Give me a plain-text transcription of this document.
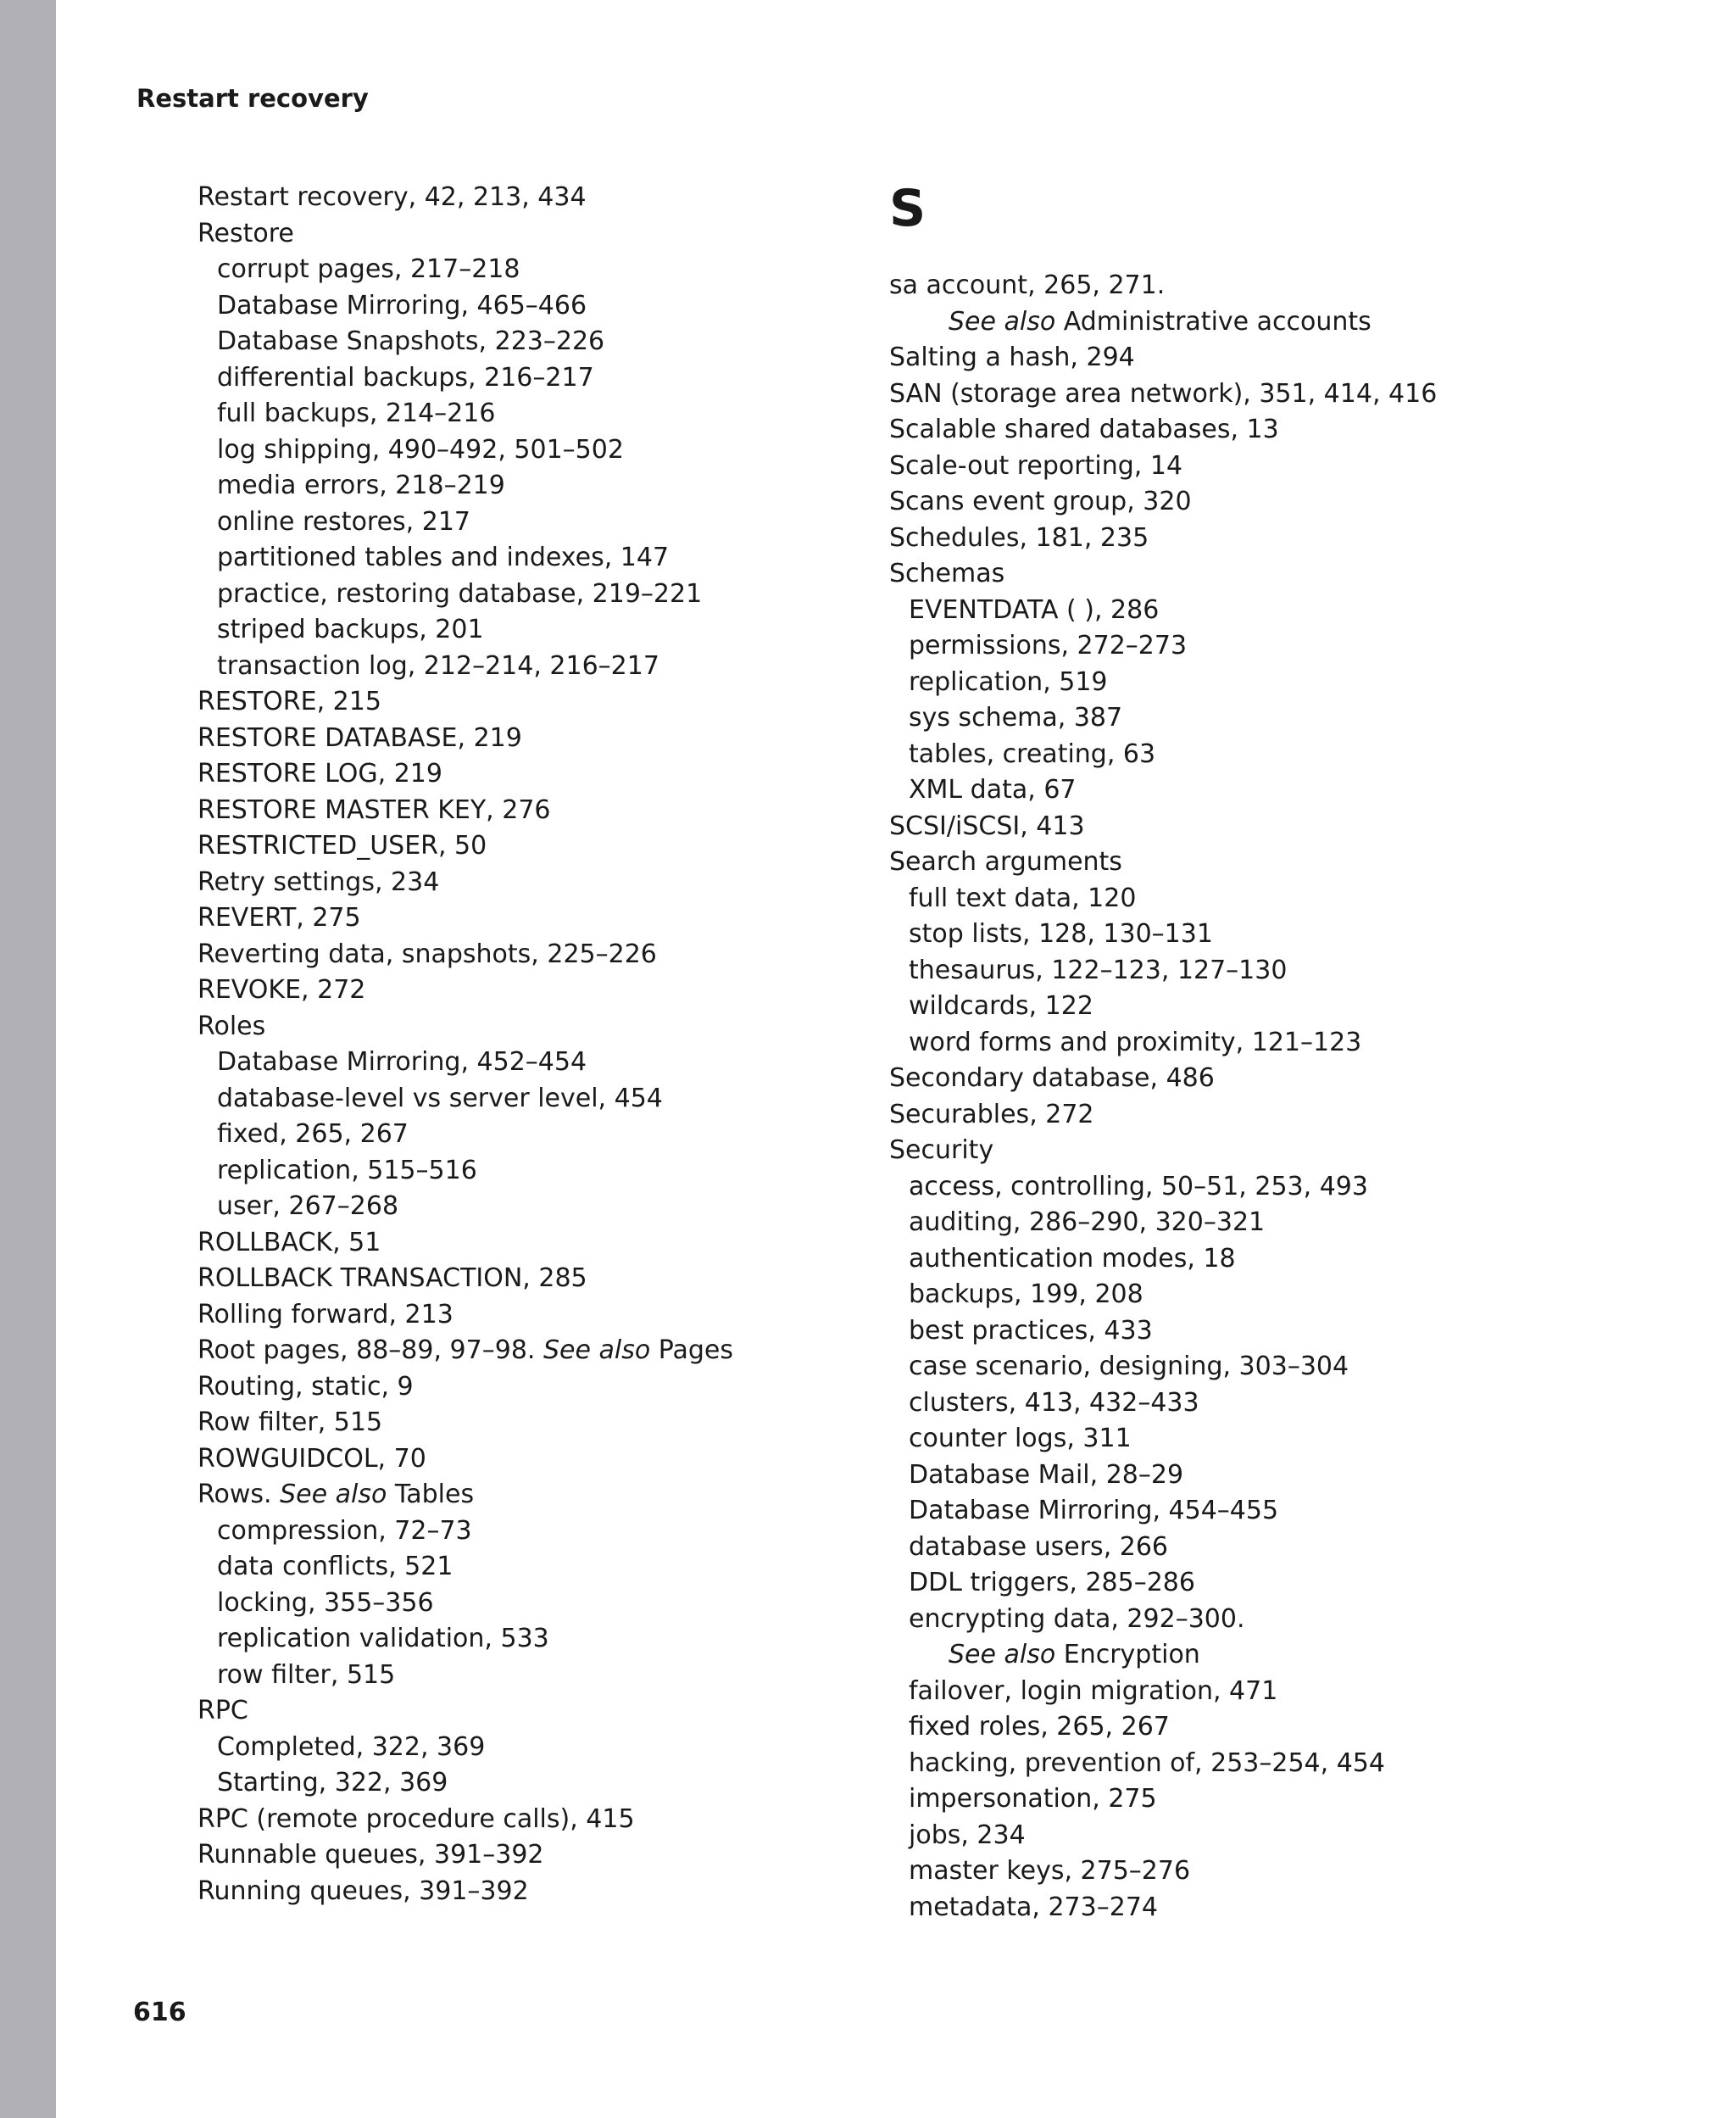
Restart recovery
Restart recovery, 42, 213, 434
Restore
corrupt pages, 217–218
Database Mirroring, 465–466
Database Snapshots, 223–226
differential backups, 216–217
full backups, 214–216
log shipping, 490–492, 501–502
media errors, 218–219
online restores, 217
partitioned tables and indexes, 147
practice, restoring database, 219–221
striped backups, 201
transaction log, 212–214, 216–217
RESTORE, 215
RESTORE DATABASE, 219
RESTORE LOG, 219
RESTORE MASTER KEY, 276
RESTRICTED_USER, 50
Retry settings, 234
REVERT, 275
Reverting data, snapshots, 225–226
REVOKE, 272
Roles
Database Mirroring, 452–454
database-level vs server level, 454
fixed, 265, 267
replication, 515–516
user, 267–268
ROLLBACK, 51
ROLLBACK TRANSACTION, 285
Rolling forward, 213
Root pages, 88–89, 97–98. See also Pages
Routing, static, 9
Row filter, 515
ROWGUIDCOL, 70
Rows. See also Tables
compression, 72–73
data conflicts, 521
locking, 355–356
replication validation, 533
row filter, 515
RPC
Completed, 322, 369
Starting, 322, 369
RPC (remote procedure calls), 415
Runnable queues, 391–392
Running queues, 391–392
S
sa account, 265, 271.
See also Administrative accounts
Salting a hash, 294
SAN (storage area network), 351, 414, 416
Scalable shared databases, 13
Scale-out reporting, 14
Scans event group, 320
Schedules, 181, 235
Schemas
EVENTDATA ( ), 286
permissions, 272–273
replication, 519
sys schema, 387
tables, creating, 63
XML data, 67
SCSI/iSCSI, 413
Search arguments
full text data, 120
stop lists, 128, 130–131
thesaurus, 122–123, 127–130
wildcards, 122
word forms and proximity, 121–123
Secondary database, 486
Securables, 272
Security
access, controlling, 50–51, 253, 493
auditing, 286–290, 320–321
authentication modes, 18
backups, 199, 208
best practices, 433
case scenario, designing, 303–304
clusters, 413, 432–433
counter logs, 311
Database Mail, 28–29
Database Mirroring, 454–455
database users, 266
DDL triggers, 285–286
encrypting data, 292–300.
See also Encryption
failover, login migration, 471
fixed roles, 265, 267
hacking, prevention of, 253–254, 454
impersonation, 275
jobs, 234
master keys, 275–276
metadata, 273–274
616
